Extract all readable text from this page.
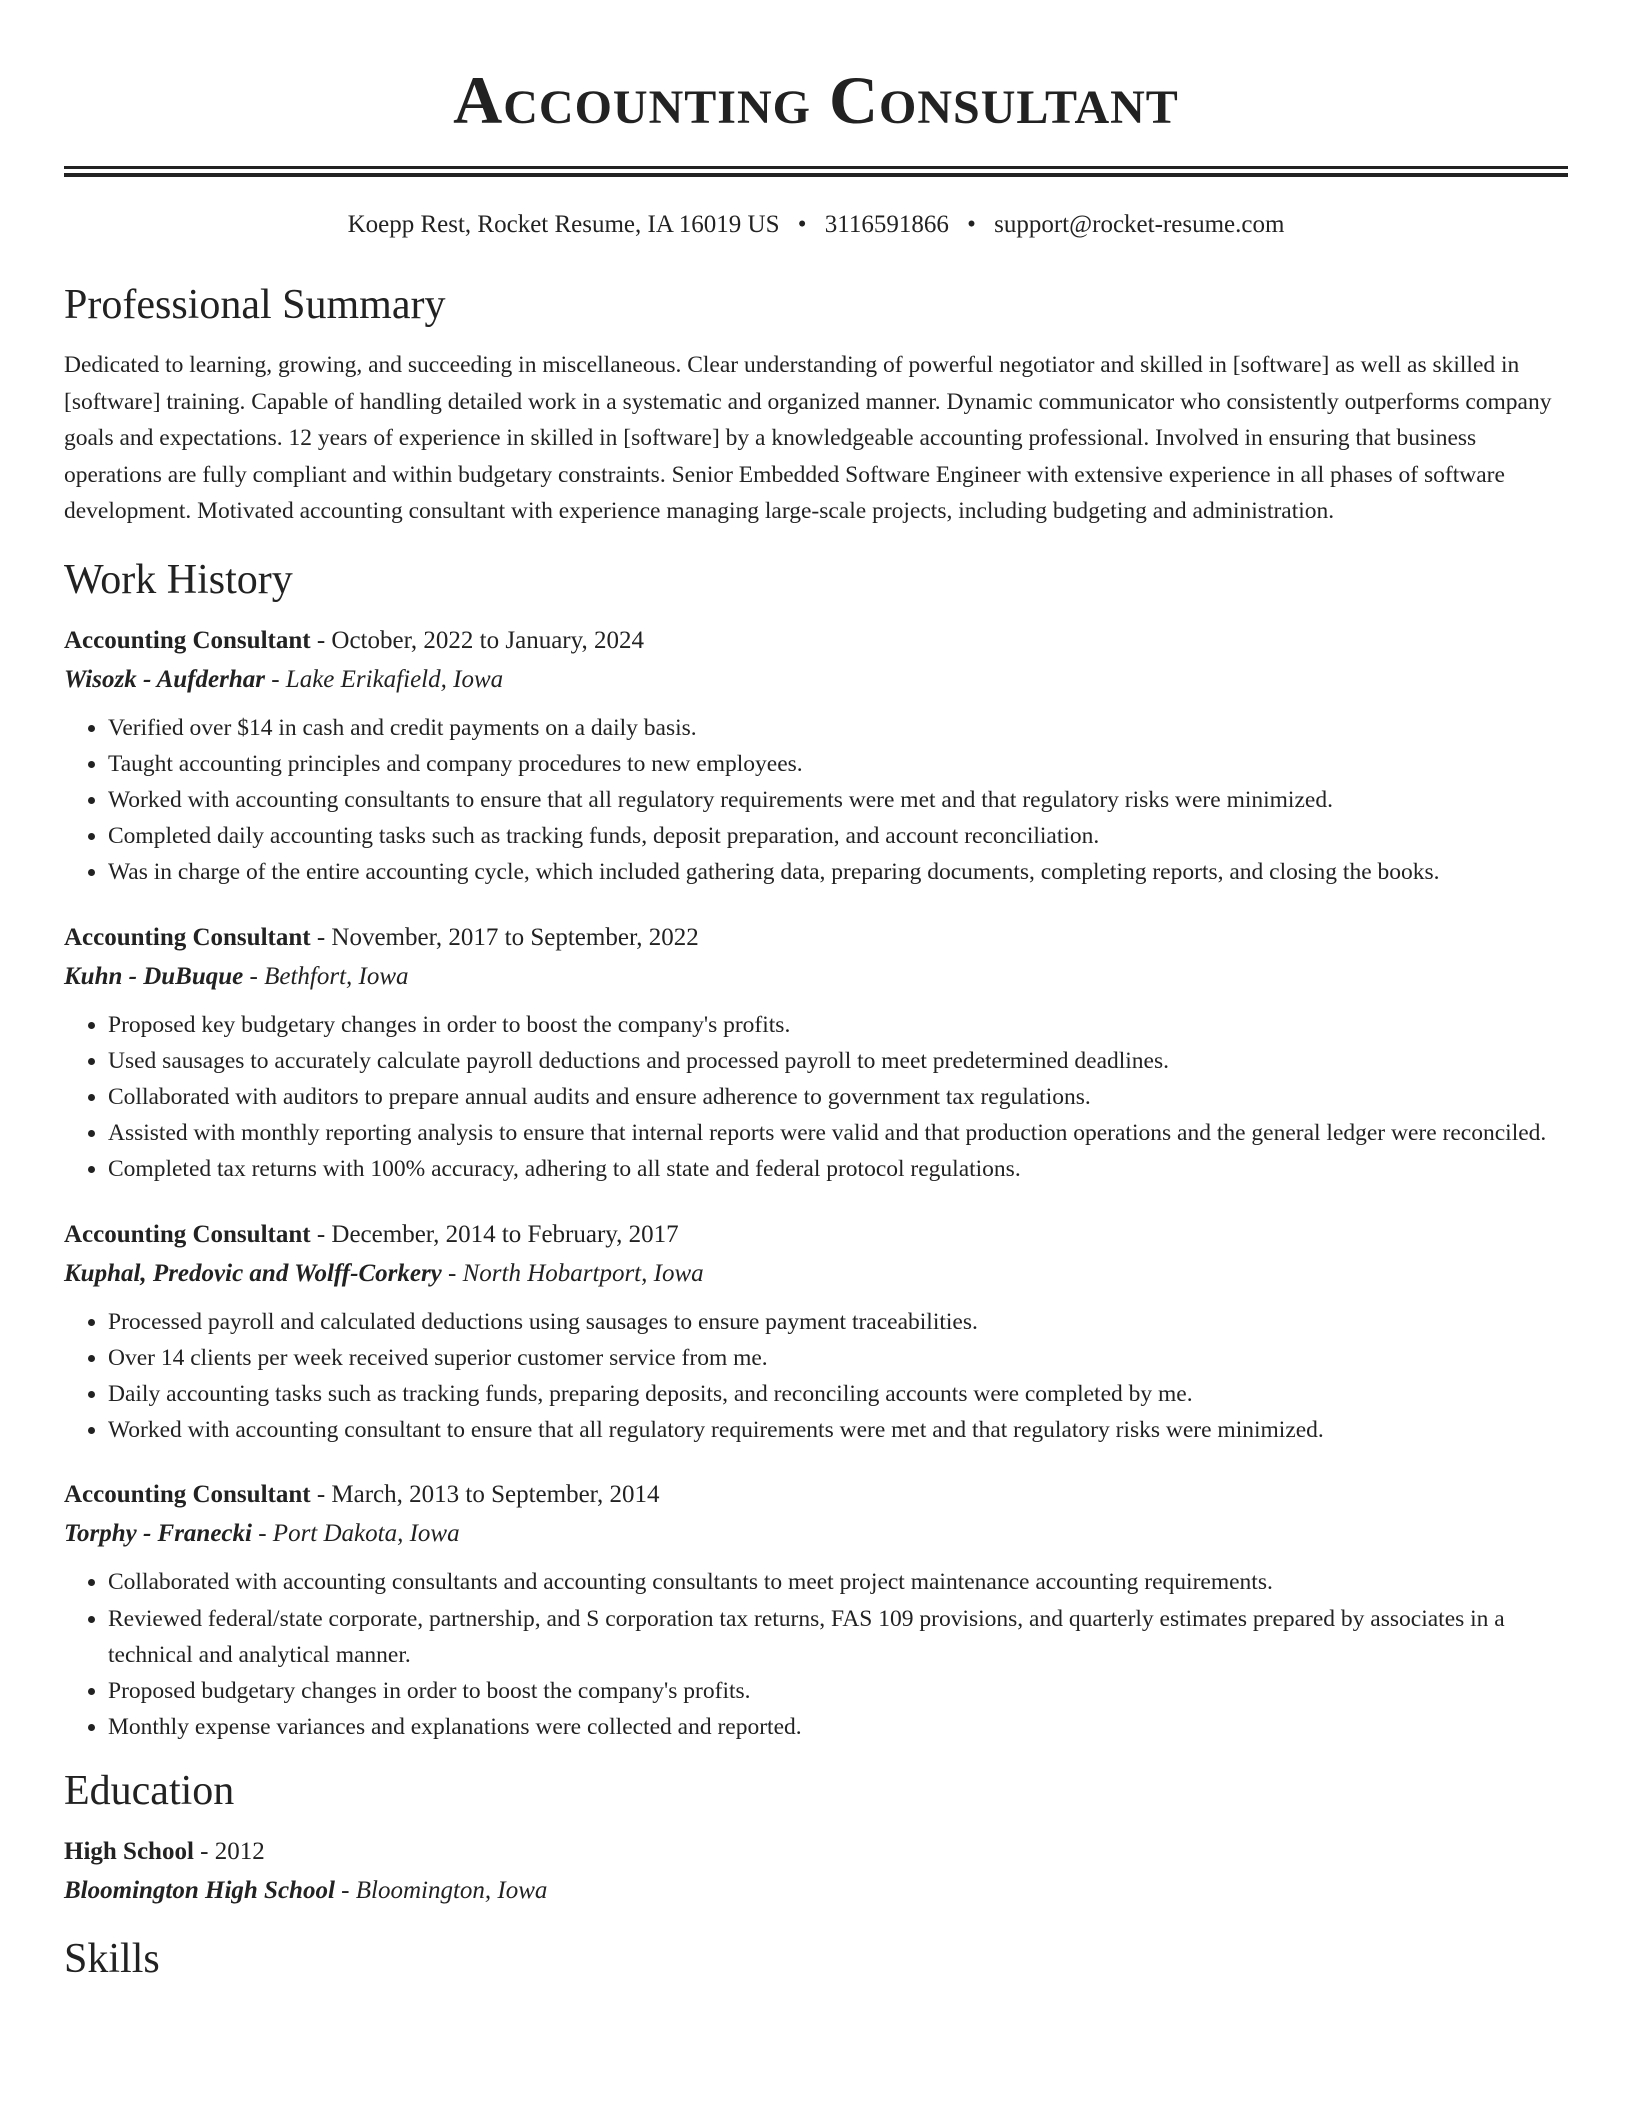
Accounting Consultant
Koepp Rest, Rocket Resume, IA 16019 US • 3116591866 • support@rocket-resume.com
Professional Summary
Dedicated to learning, growing, and succeeding in miscellaneous. Clear understanding of powerful negotiator and skilled in [software] as well as skilled in [software] training. Capable of handling detailed work in a systematic and organized manner. Dynamic communicator who consistently outperforms company goals and expectations. 12 years of experience in skilled in [software] by a knowledgeable accounting professional. Involved in ensuring that business operations are fully compliant and within budgetary constraints. Senior Embedded Software Engineer with extensive experience in all phases of software development. Motivated accounting consultant with experience managing large-scale projects, including budgeting and administration.
Work History
Accounting Consultant - October, 2022 to January, 2024
Wisozk - Aufderhar - Lake Erikafield, Iowa
• Verified over $14 in cash and credit payments on a daily basis.
• Taught accounting principles and company procedures to new employees.
• Worked with accounting consultants to ensure that all regulatory requirements were met and that regulatory risks were minimized.
• Completed daily accounting tasks such as tracking funds, deposit preparation, and account reconciliation.
• Was in charge of the entire accounting cycle, which included gathering data, preparing documents, completing reports, and closing the books.
Accounting Consultant - November, 2017 to September, 2022
Kuhn - DuBuque - Bethfort, Iowa
• Proposed key budgetary changes in order to boost the company's profits.
• Used sausages to accurately calculate payroll deductions and processed payroll to meet predetermined deadlines.
• Collaborated with auditors to prepare annual audits and ensure adherence to government tax regulations.
• Assisted with monthly reporting analysis to ensure that internal reports were valid and that production operations and the general ledger were reconciled.
• Completed tax returns with 100% accuracy, adhering to all state and federal protocol regulations.
Accounting Consultant - December, 2014 to February, 2017
Kuphal, Predovic and Wolff-Corkery - North Hobartport, Iowa
• Processed payroll and calculated deductions using sausages to ensure payment traceabilities.
• Over 14 clients per week received superior customer service from me.
• Daily accounting tasks such as tracking funds, preparing deposits, and reconciling accounts were completed by me.
• Worked with accounting consultant to ensure that all regulatory requirements were met and that regulatory risks were minimized.
Accounting Consultant - March, 2013 to September, 2014
Torphy - Franecki - Port Dakota, Iowa
• Collaborated with accounting consultants and accounting consultants to meet project maintenance accounting requirements.
• Reviewed federal/state corporate, partnership, and S corporation tax returns, FAS 109 provisions, and quarterly estimates prepared by associates in a technical and analytical manner.
• Proposed budgetary changes in order to boost the company's profits.
• Monthly expense variances and explanations were collected and reported.
Education
High School - 2012
Bloomington High School - Bloomington, Iowa
Skills
